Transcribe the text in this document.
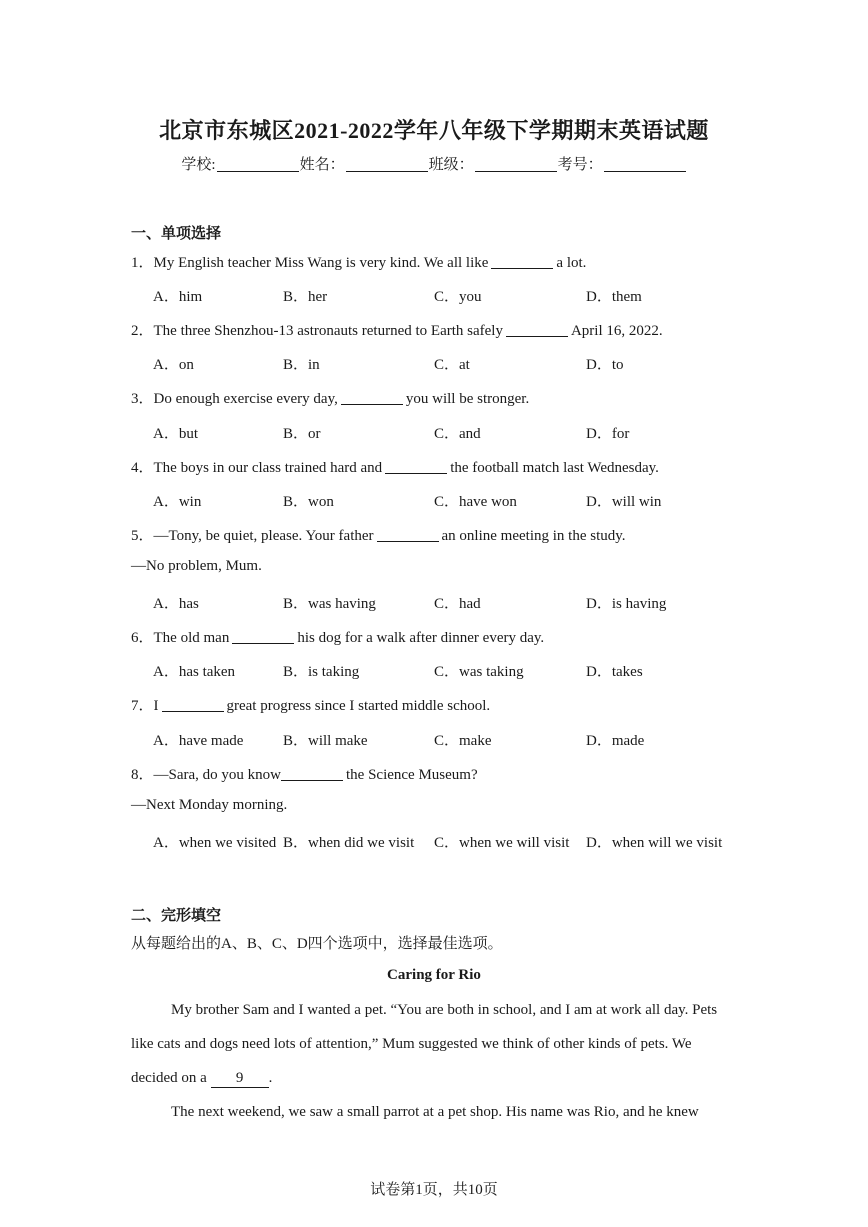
北京市东城区2021-2022学年八年级下学期期末英语试题
学校:	姓名：	班级：	考号：
一、单项选择
1．My English teacher Miss Wang is very kind. We all like	a lot.
A．him	B．her	C．you	D．them
2．The three Shenzhou-13 astronauts returned to Earth safely	April 16, 2022.
A．on	B．in	C．at	D．to
3．Do enough exercise every day,	you will be stronger.
A．but	B．or	C．and	D．for
4．The boys in our class trained hard and	the football match last Wednesday.
A．win	B．won	C．have won	D．will win
5．—Tony, be quiet, please. Your father	an online meeting in the study.
—No problem, Mum.
A．has	B．was having	C．had	D．is having
6．The old man	his dog for a walk after dinner every day.
A．has taken	B．is taking	C．was taking	D．takes
7．I	great progress since I started middle school.
A．have made	B．will make	C．make	D．made
8．—Sara, do you know	the Science Museum?
—Next Monday morning.
A．when we visited B．when did we visit C．when we will visit D．when will we visit
二、完形填空
从每题给出的A、B、C、D四个选项中，选择最佳选项。
Caring for Rio
My brother Sam and I wanted a pet. “You are both in school, and I am at work all day. Pets
like cats and dogs need lots of attention,” Mum suggested we think of other kinds of pets. We
decided on a 9 .
The next weekend, we saw a small parrot at a pet shop. His name was Rio, and he knew
试卷第1页，共10页
